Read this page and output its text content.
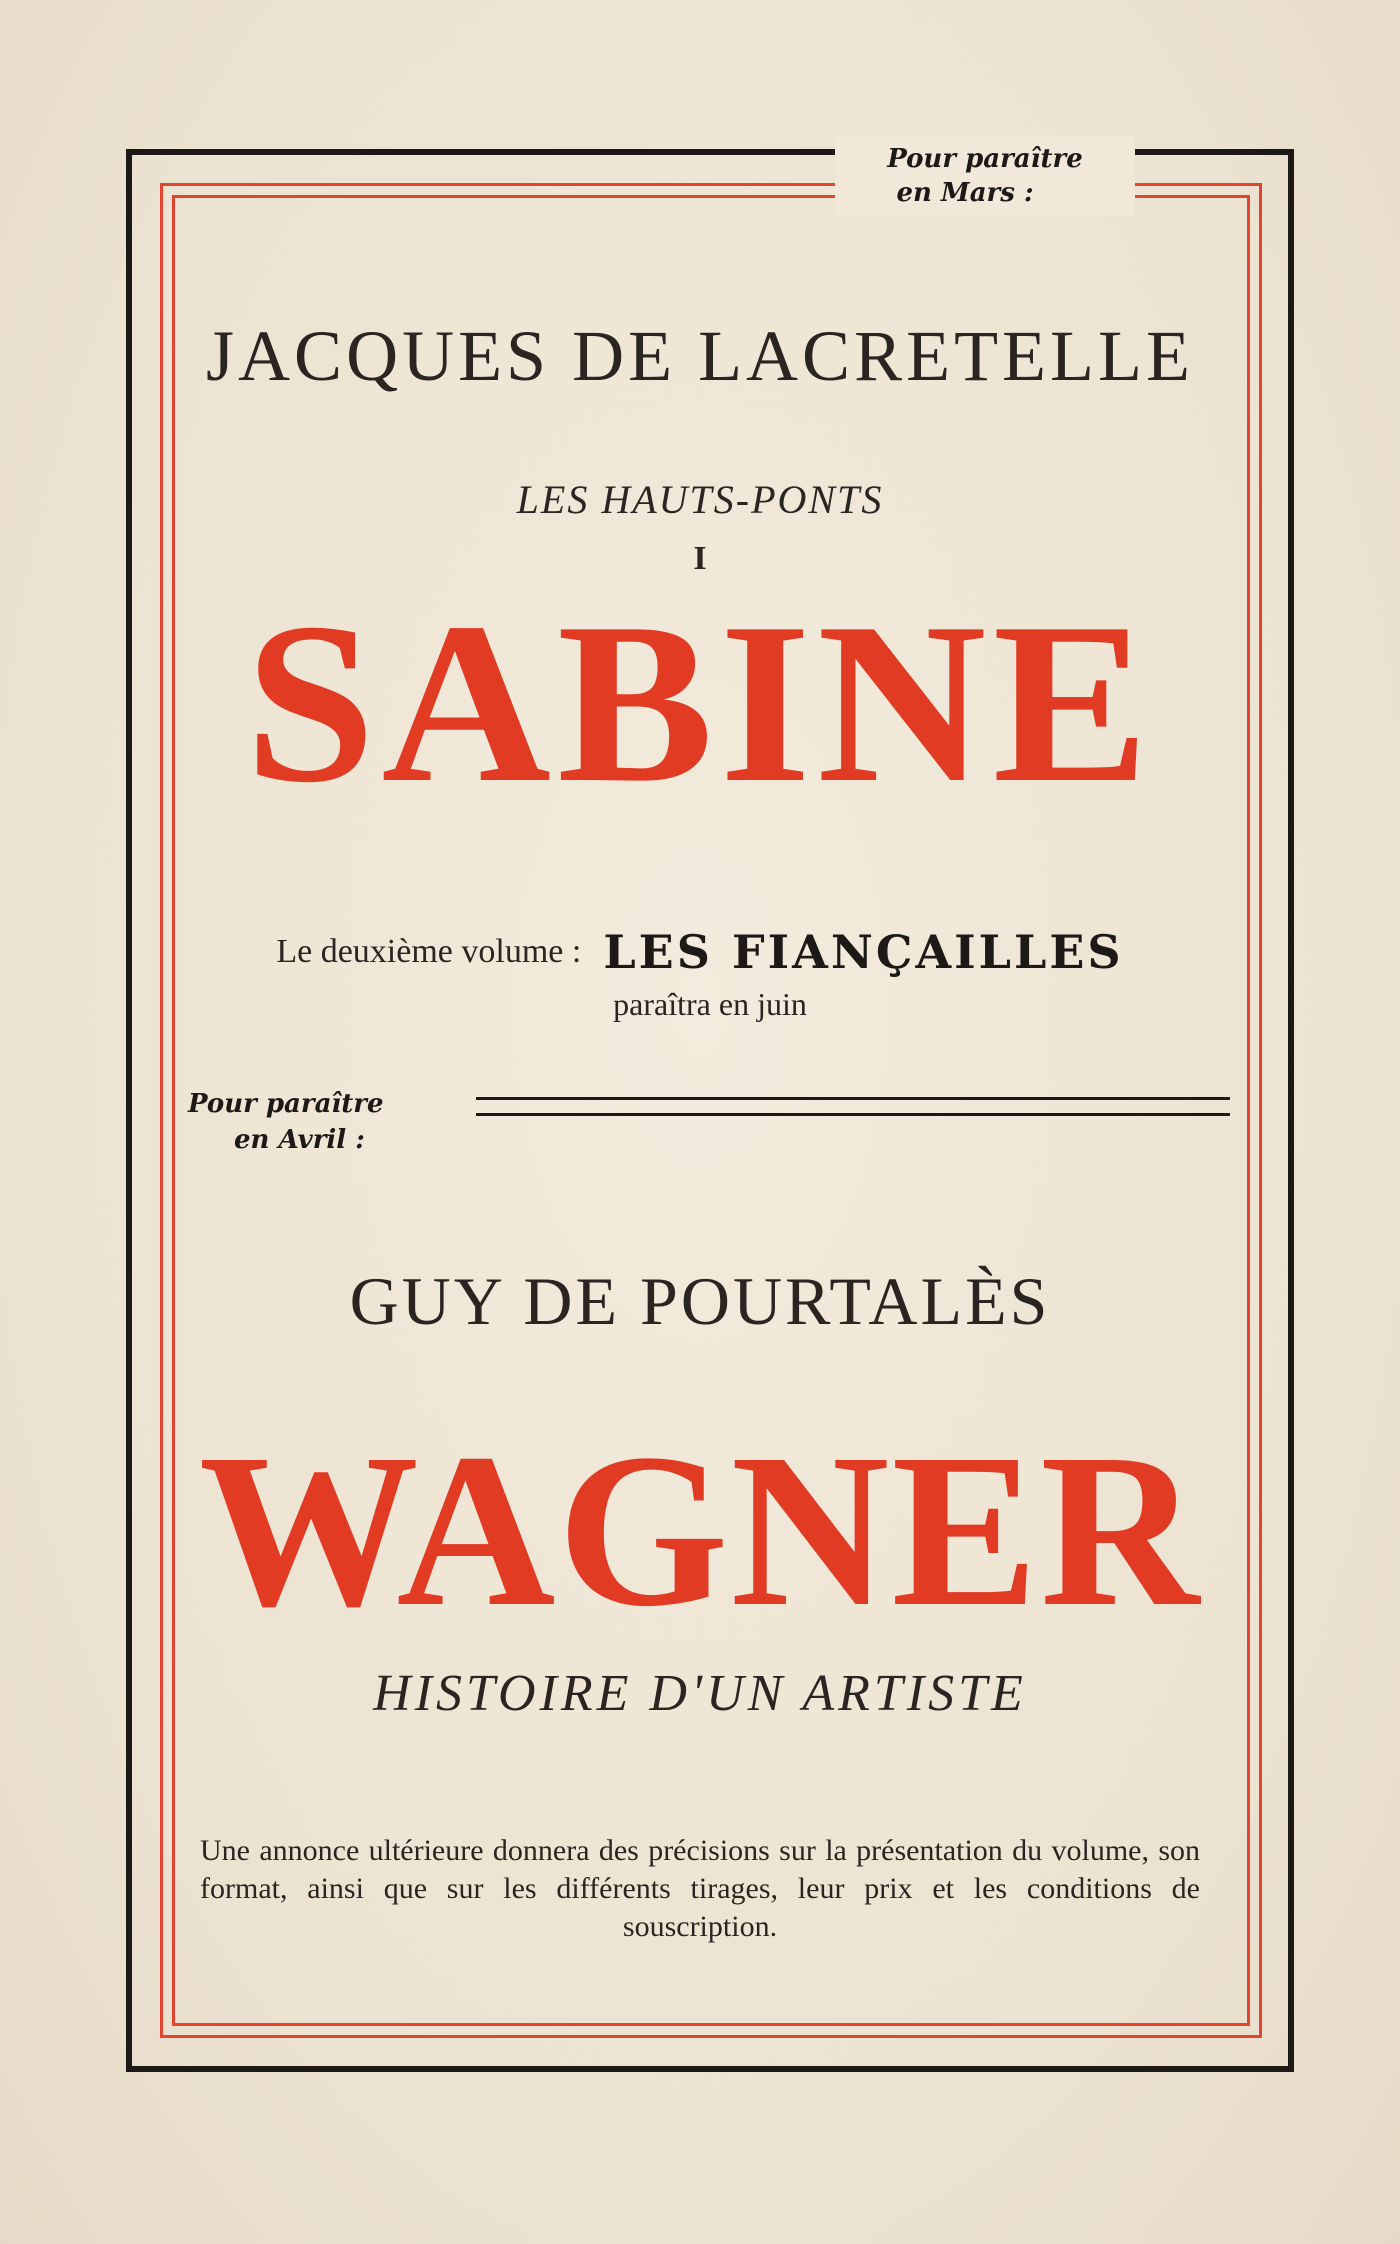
Pour paraître
en Mars :
JACQUES DE LACRETELLE
LES HAUTS-PONTS
I
SABINE
Le deuxième volume : LES FIANÇAILLES
paraîtra en juin
Pour paraître
en Avril :
GUY DE POURTALÈS
WAGNER
HISTOIRE D'UN ARTISTE
Une annonce ultérieure donnera des précisions sur la présentation du volume, son format, ainsi que sur les différents tirages, leur prix et les conditions de souscription.
